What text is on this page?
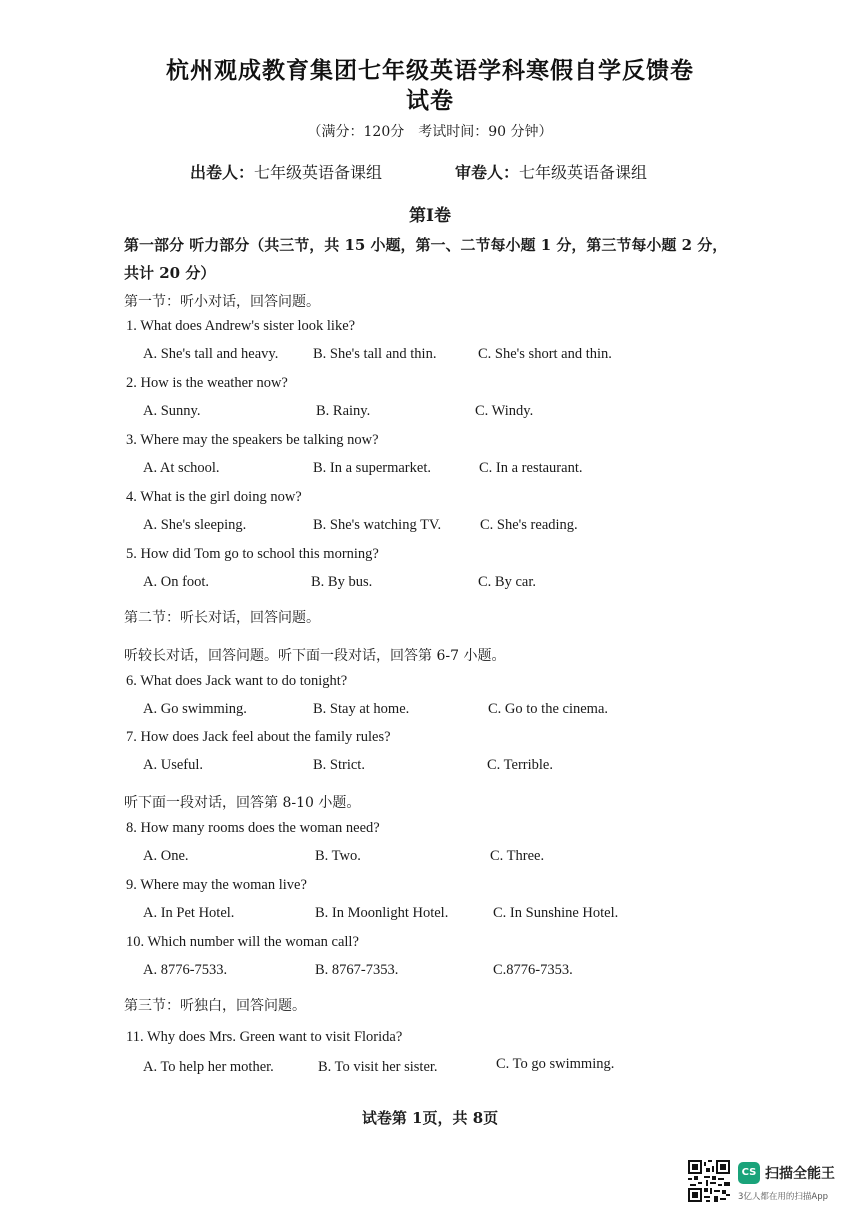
杭州观成教育集团七年级英语学科寒假自学反馈卷
试卷
（满分：120分　考试时间：90 分钟）
出卷人：七年级英语备课组	审卷人：七年级英语备课组
第I卷
第一部分 听力部分（共三节，共 15 小题，第一、二节每小题 1 分，第三节每小题 2 分，
共计 20 分）
第一节：听小对话，回答问题。
1. What does Andrew's sister look like?
A. She's tall and heavy. B. She's tall and thin.	C. She's short and thin.
2. How is the weather now?
A. Sunny.	B. Rainy.	C. Windy.
3. Where may the speakers be talking now?
A. At school.	B. In a supermarket.	C. In a restaurant.
4. What is the girl doing now?
A. She's sleeping.	B. She's watching TV.	C. She's reading.
5. How did Tom go to school this morning?
A. On foot.	B. By bus.	C. By car.
第二节：听长对话，回答问题。
听较长对话，回答问题。听下面一段对话，回答第 6-7 小题。
6. What does Jack want to do tonight?
A. Go swimming.	B. Stay at home.	C. Go to the cinema.
7. How does Jack feel about the family rules?
A. Useful.	B. Strict.	C. Terrible.
听下面一段对话，回答第 8-10 小题。
8. How many rooms does the woman need?
A. One.	B. Two.	C. Three.
9. Where may the woman live?
A. In Pet Hotel.	B. In Moonlight Hotel.	C. In Sunshine Hotel.
10. Which number will the woman call?
A. 8776-7533.	B. 8767-7353.	C.8776-7353.
第三节：听独白，回答问题。
11. Why does Mrs. Green want to visit Florida?
A. To help her mother.	B. To visit her sister.	C. To go swimming.
试卷第 1页，共 8页
CS 扫描全能王
3亿人都在用的扫描App
